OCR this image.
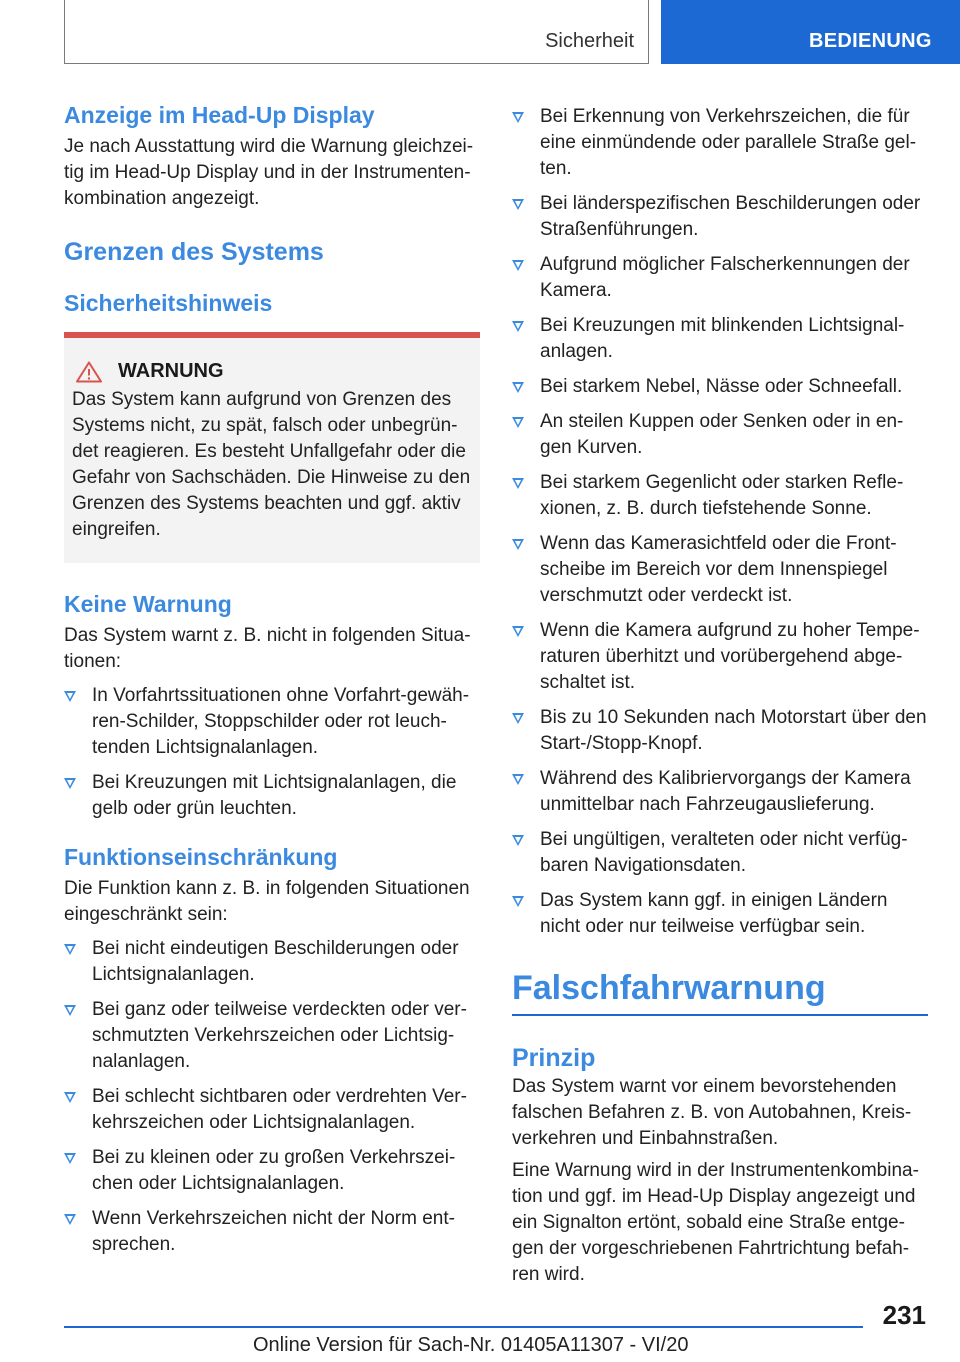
Sicherheit	BEDIENUNG
Anzeige im Head-Up Display
Je nach Ausstattung wird die Warnung gleichzei-tig im Head-Up Display und in der Instrumenten-kombination angezeigt.
Grenzen des Systems
Sicherheitshinweis
WARNUNG
Das System kann aufgrund von Grenzen des Systems nicht, zu spät, falsch oder unbegrün-det reagieren. Es besteht Unfallgefahr oder die Gefahr von Sachschäden. Die Hinweise zu den Grenzen des Systems beachten und ggf. aktiv eingreifen.
Keine Warnung
Das System warnt z. B. nicht in folgenden Situa-tionen:
In Vorfahrtssituationen ohne Vorfahrt-gewäh-ren-Schilder, Stoppschilder oder rot leuch-tenden Lichtsignalanlagen.
Bei Kreuzungen mit Lichtsignalanlagen, die gelb oder grün leuchten.
Funktionseinschränkung
Die Funktion kann z. B. in folgenden Situationen eingeschränkt sein:
Bei nicht eindeutigen Beschilderungen oder Lichtsignalanlagen.
Bei ganz oder teilweise verdeckten oder ver-schmutzten Verkehrszeichen oder Lichtsig-nalanlagen.
Bei schlecht sichtbaren oder verdrehten Ver-kehrszeichen oder Lichtsignalanlagen.
Bei zu kleinen oder zu großen Verkehrszei-chen oder Lichtsignalanlagen.
Wenn Verkehrszeichen nicht der Norm ent-sprechen.
Bei Erkennung von Verkehrszeichen, die für eine einmündende oder parallele Straße gel-ten.
Bei länderspezifischen Beschilderungen oder Straßenführungen.
Aufgrund möglicher Falscherkennungen der Kamera.
Bei Kreuzungen mit blinkenden Lichtsignal-anlagen.
Bei starkem Nebel, Nässe oder Schneefall.
An steilen Kuppen oder Senken oder in en-gen Kurven.
Bei starkem Gegenlicht oder starken Refle-xionen, z. B. durch tiefstehende Sonne.
Wenn das Kamerasichtfeld oder die Front-scheibe im Bereich vor dem Innenspiegel verschmutzt oder verdeckt ist.
Wenn die Kamera aufgrund zu hoher Tempe-raturen überhitzt und vorübergehend abge-schaltet ist.
Bis zu 10 Sekunden nach Motorstart über den Start-/Stopp-Knopf.
Während des Kalibriervorgangs der Kamera unmittelbar nach Fahrzeugauslieferung.
Bei ungültigen, veralteten oder nicht verfüg-baren Navigationsdaten.
Das System kann ggf. in einigen Ländern nicht oder nur teilweise verfügbar sein.
Falschfahrwarnung
Prinzip
Das System warnt vor einem bevorstehenden falschen Befahren z. B. von Autobahnen, Kreis-verkehren und Einbahnstraßen.
Eine Warnung wird in der Instrumentenkombina-tion und ggf. im Head-Up Display angezeigt und ein Signalton ertönt, sobald eine Straße entge-gen der vorgeschriebenen Fahrtrichtung befah-ren wird.
231
Online Version für Sach-Nr. 01405A11307 - VI/20
